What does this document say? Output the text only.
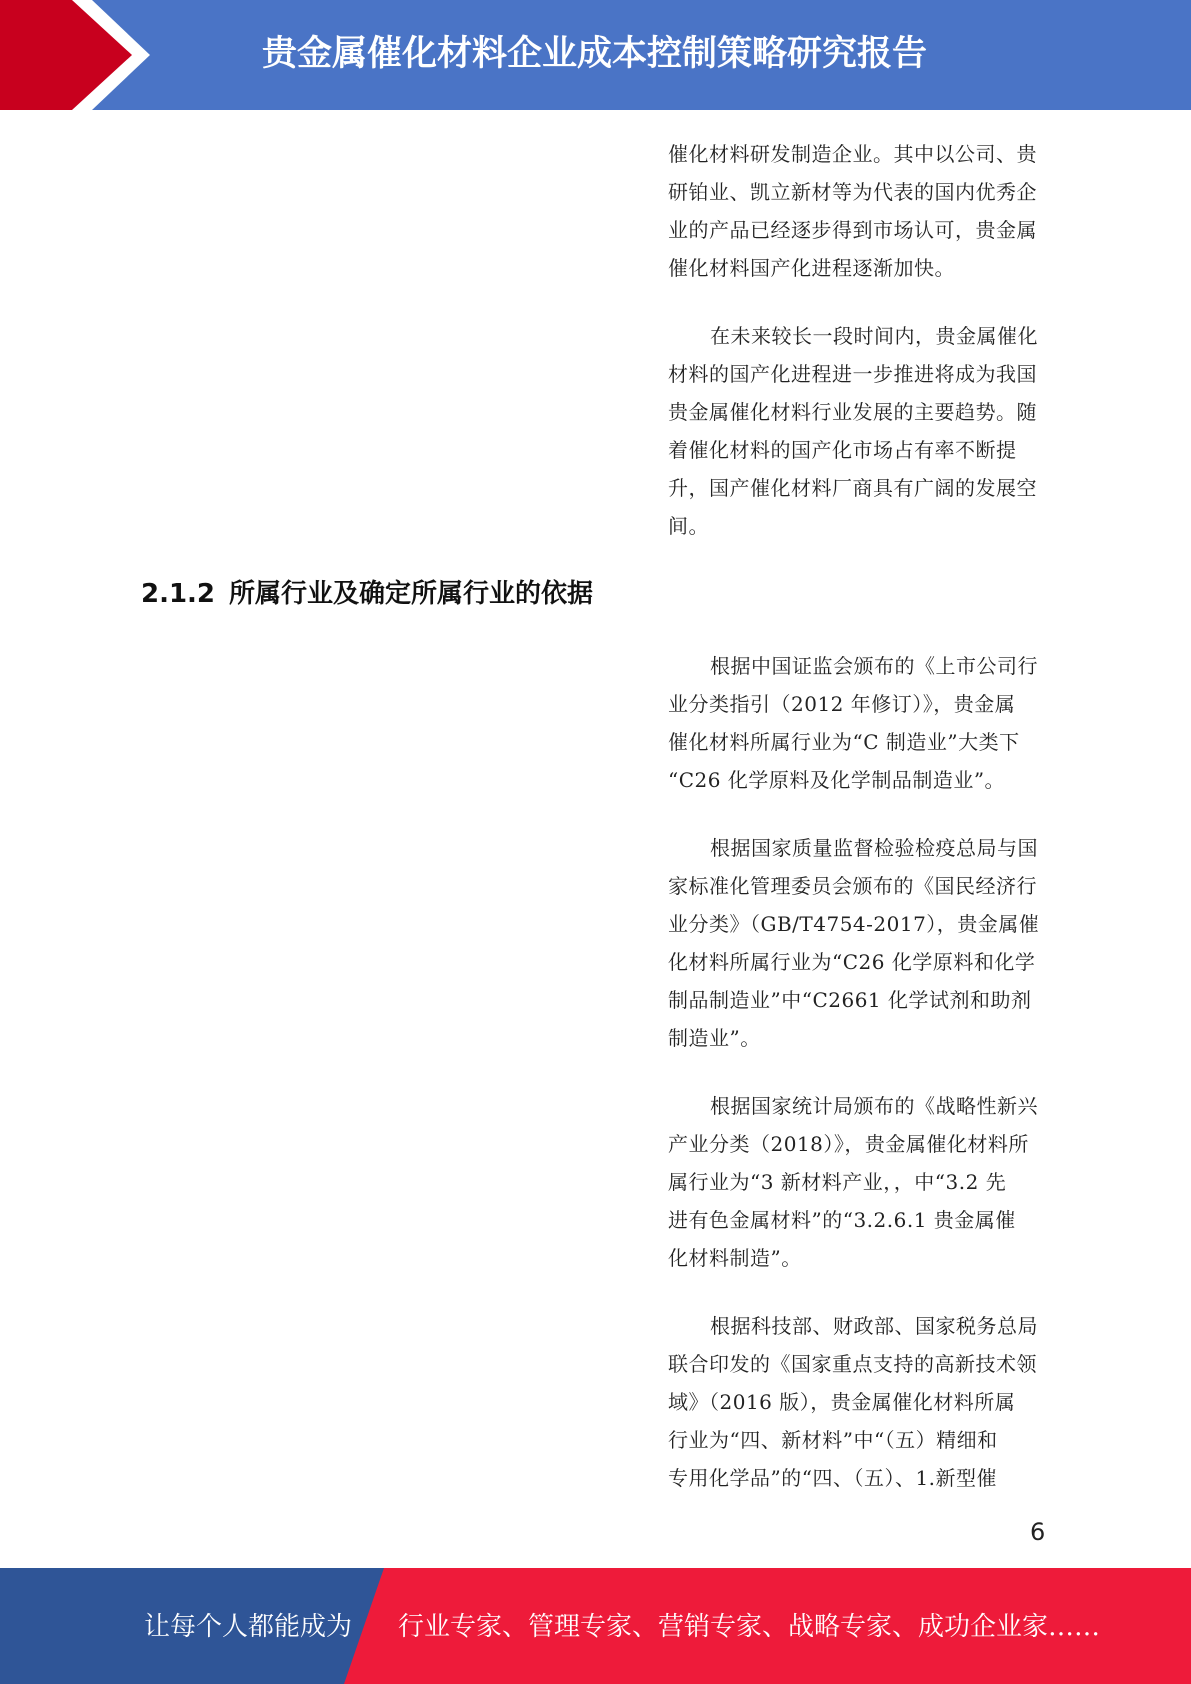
贵金属催化材料企业成本控制策略研究报告

催化材料研发制造企业。其中以公司、贵
研铂业、凯立新材等为代表的国内优秀企
业的产品已经逐步得到市场认可，贵金属
催化材料国产化进程逐渐加快。

在未来较长一段时间内，贵金属催化
材料的国产化进程进一步推进将成为我国
贵金属催化材料行业发展的主要趋势。随
着催化材料的国产化市场占有率不断提
升，国产催化材料厂商具有广阔的发展空
间。

2.1.2 所属行业及确定所属行业的依据

根据中国证监会颁布的《上市公司行
业分类指引（2012 年修订）》，贵金属
催化材料所属行业为“C 制造业”大类下
“C26 化学原料及化学制品制造业”。

根据国家质量监督检验检疫总局与国
家标准化管理委员会颁布的《国民经济行
业分类》（GB/T4754-2017），贵金属催
化材料所属行业为“C26 化学原料和化学
制品制造业”中“C2661 化学试剂和助剂
制造业”。

根据国家统计局颁布的《战略性新兴
产业分类（2018）》，贵金属催化材料所
属行业为“3 新材料产业，，中“3.2 先
进有色金属材料”的“3.2.6.1 贵金属催
化材料制造”。

根据科技部、财政部、国家税务总局
联合印发的《国家重点支持的高新技术领
域》（2016 版），贵金属催化材料所属
行业为“四、新材料”中“（五）精细和
专用化学品”的“四、（五）、1.新型催

6
让每个人都能成为 行业专家、管理专家、营销专家、战略专家、成功企业家……
